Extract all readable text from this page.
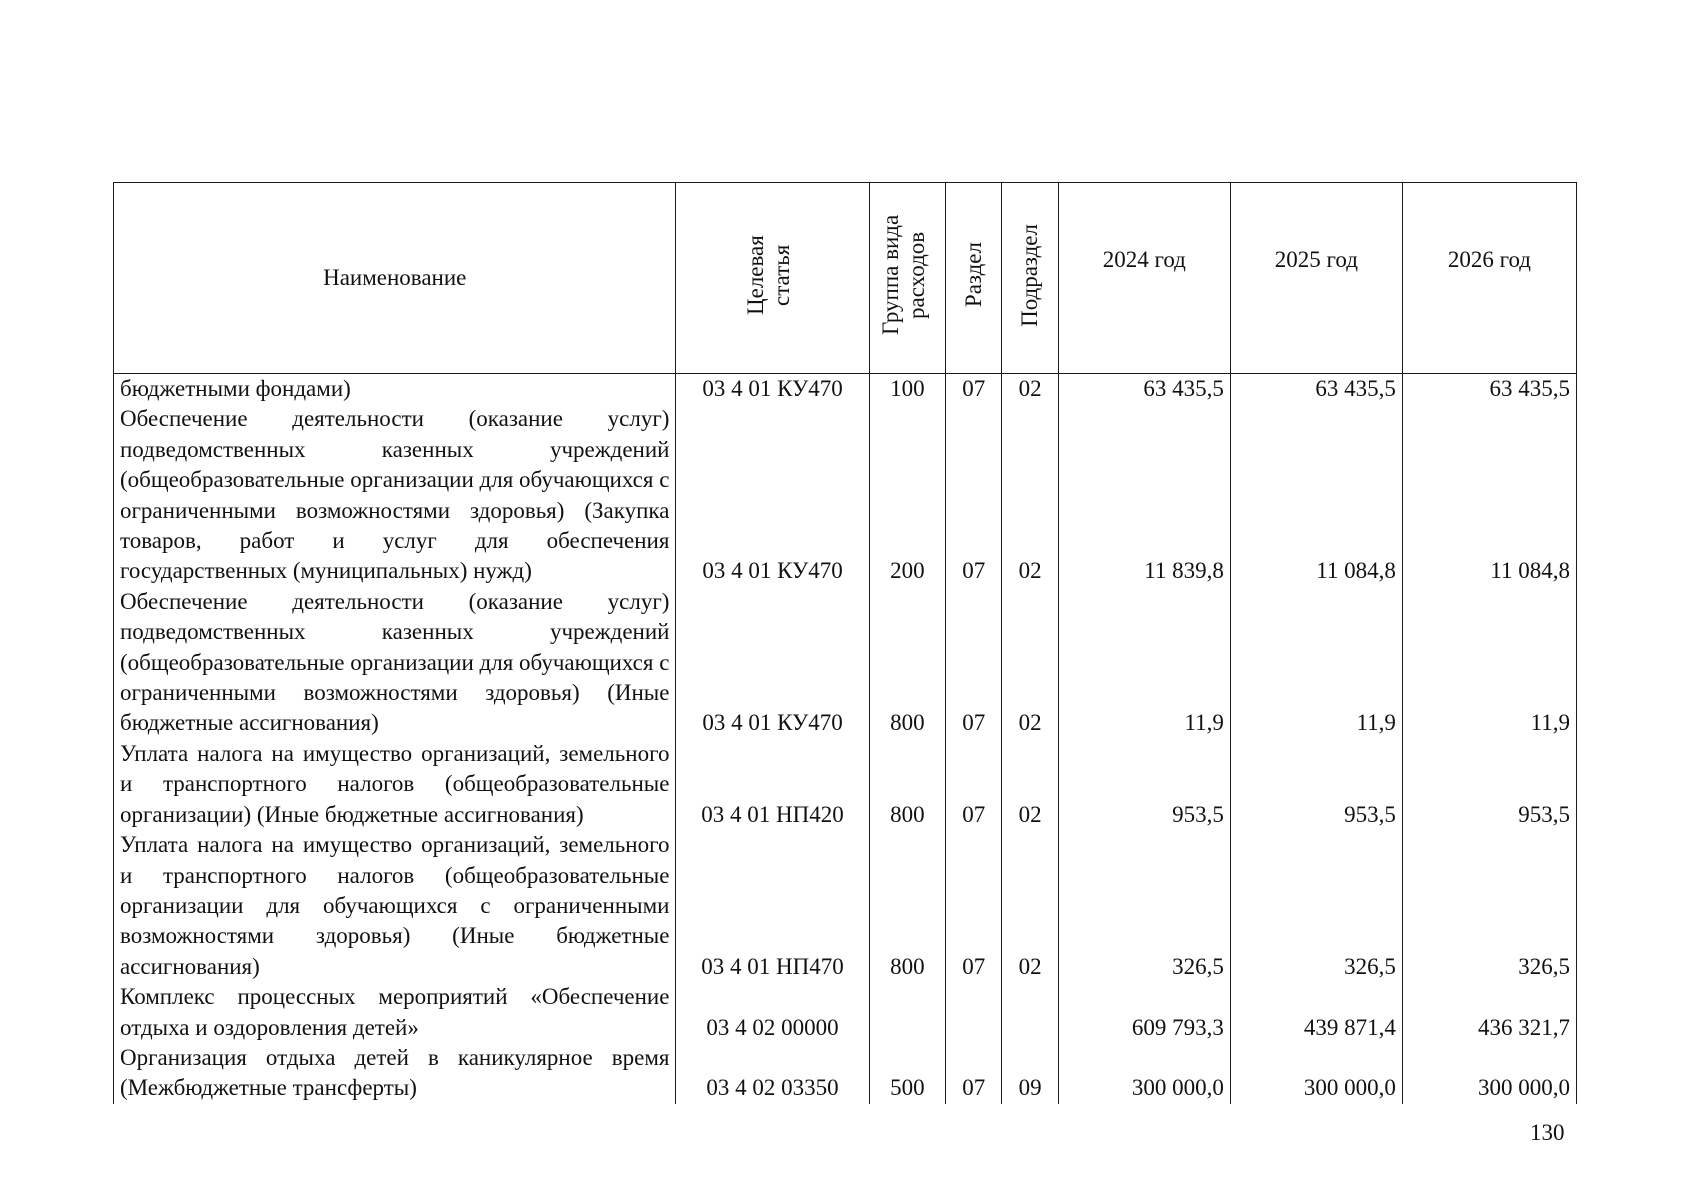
Наименование	Целевая статья	Группа вида расходов	Раздел	Подраздел	2024 год	2025 год	2026 год
бюджетными фондами)	03 4 01 КУ470	100	07	02	63 435,5	63 435,5	63 435,5
Обеспечение деятельности (оказание услуг) подведомственных казенных учреждений (общеобразовательные организации для обучающихся с ограниченными возможностями здоровья) (Закупка товаров, работ и услуг для обеспечения государственных (муниципальных) нужд)	03 4 01 КУ470	200	07	02	11 839,8	11 084,8	11 084,8
Обеспечение деятельности (оказание услуг) подведомственных казенных учреждений (общеобразовательные организации для обучающихся с ограниченными возможностями здоровья) (Иные бюджетные ассигнования)	03 4 01 КУ470	800	07	02	11,9	11,9	11,9
Уплата налога на имущество организаций, земельного и транспортного налогов (общеобразовательные организации) (Иные бюджетные ассигнования)	03 4 01 НП420	800	07	02	953,5	953,5	953,5
Уплата налога на имущество организаций, земельного и транспортного налогов (общеобразовательные организации для обучающихся с ограниченными возможностями здоровья) (Иные бюджетные ассигнования)	03 4 01 НП470	800	07	02	326,5	326,5	326,5
Комплекс процессных мероприятий «Обеспечение отдыха и оздоровления детей»	03 4 02 00000				609 793,3	439 871,4	436 321,7
Организация отдыха детей в каникулярное время (Межбюджетные трансферты)	03 4 02 03350	500	07	09	300 000,0	300 000,0	300 000,0
130
